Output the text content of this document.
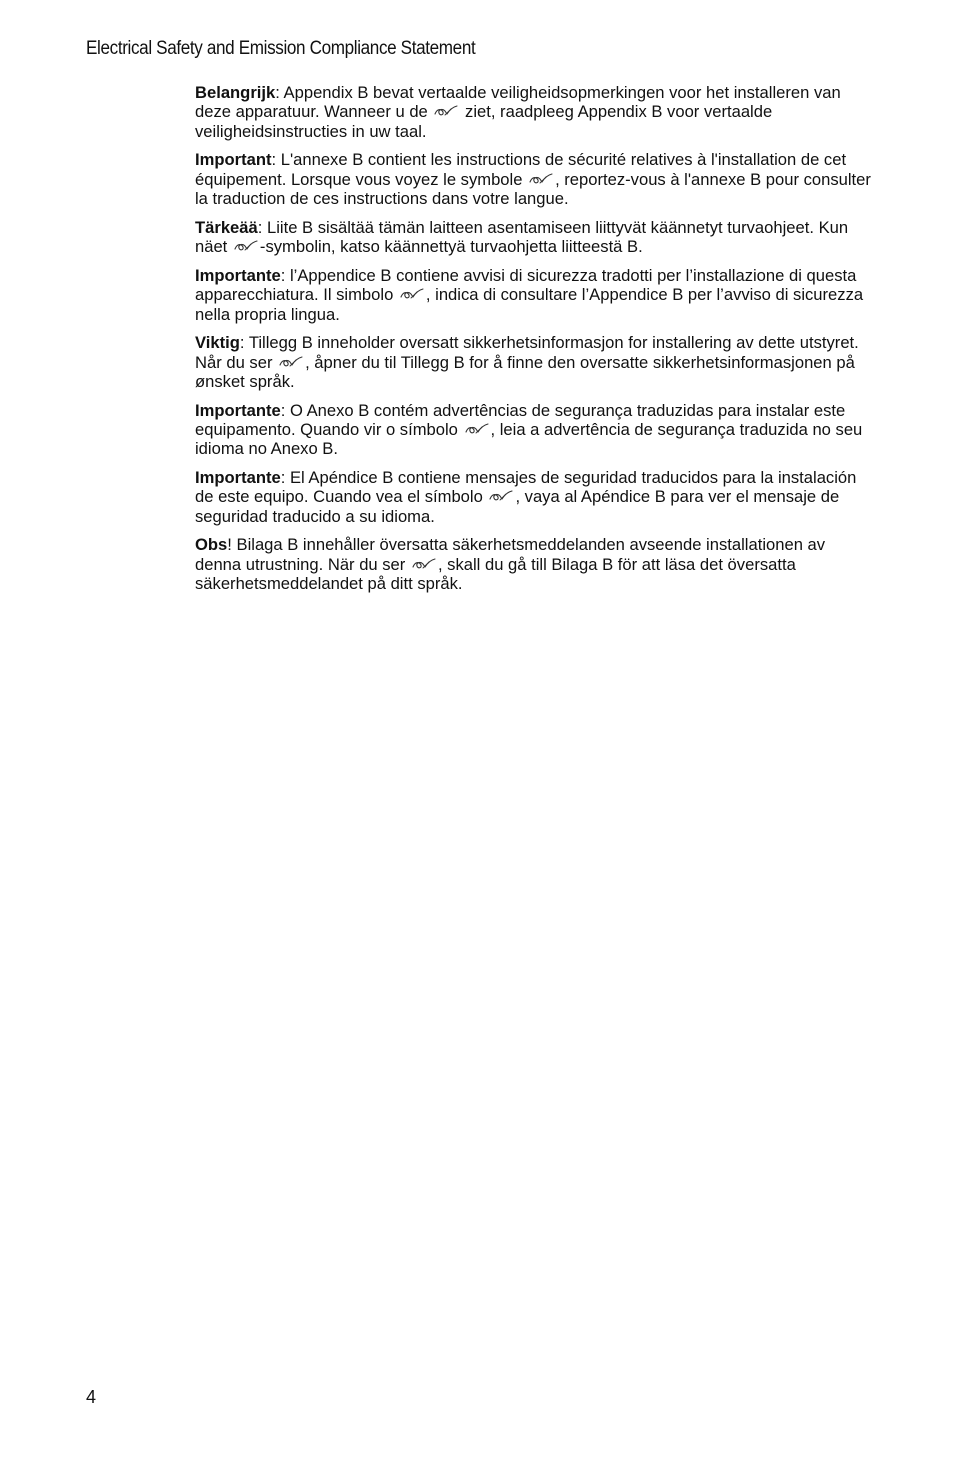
Electrical Safety and Emission Compliance Statement

Belangrijk: Appendix B bevat vertaalde veiligheidsopmerkingen voor het installeren van deze apparatuur. Wanneer u de
ziet, raadpleeg Appendix B voor vertaalde veiligheidsinstructies in uw taal.

Important: L'annexe B contient les instructions de sécurité relatives à l'installation de cet équipement. Lorsque vous voyez le symbole
, reportez-vous à l'annexe B pour consulter la traduction de ces instructions dans votre langue.

Tärkeää: Liite B sisältää tämän laitteen asentamiseen liittyvät käännetyt turvaohjeet. Kun näet
-symbolin, katso käännettyä turvaohjetta liitteestä B.

Importante: l’Appendice B contiene avvisi di sicurezza tradotti per l’installazione di questa apparecchiatura. Il simbolo
, indica di consultare l’Appendice B per l’avviso di sicurezza nella propria lingua.

Viktig: Tillegg B inneholder oversatt sikkerhetsinformasjon for installering av dette utstyret. Når du ser
, åpner du til Tillegg B for å finne den oversatte sikkerhetsinformasjonen på ønsket språk.

Importante: O Anexo B contém advertências de segurança traduzidas para instalar este equipamento. Quando vir o símbolo
, leia a advertência de segurança traduzida no seu idioma no Anexo B.

Importante: El Apéndice B contiene mensajes de seguridad traducidos para la instalación de este equipo. Cuando vea el símbolo
, vaya al Apéndice B para ver el mensaje de seguridad traducido a su idioma.

Obs! Bilaga B innehåller översatta säkerhetsmeddelanden avseende installationen av denna utrustning. När du ser
, skall du gå till Bilaga B för att läsa det översatta säkerhetsmeddelandet på ditt språk.

4
